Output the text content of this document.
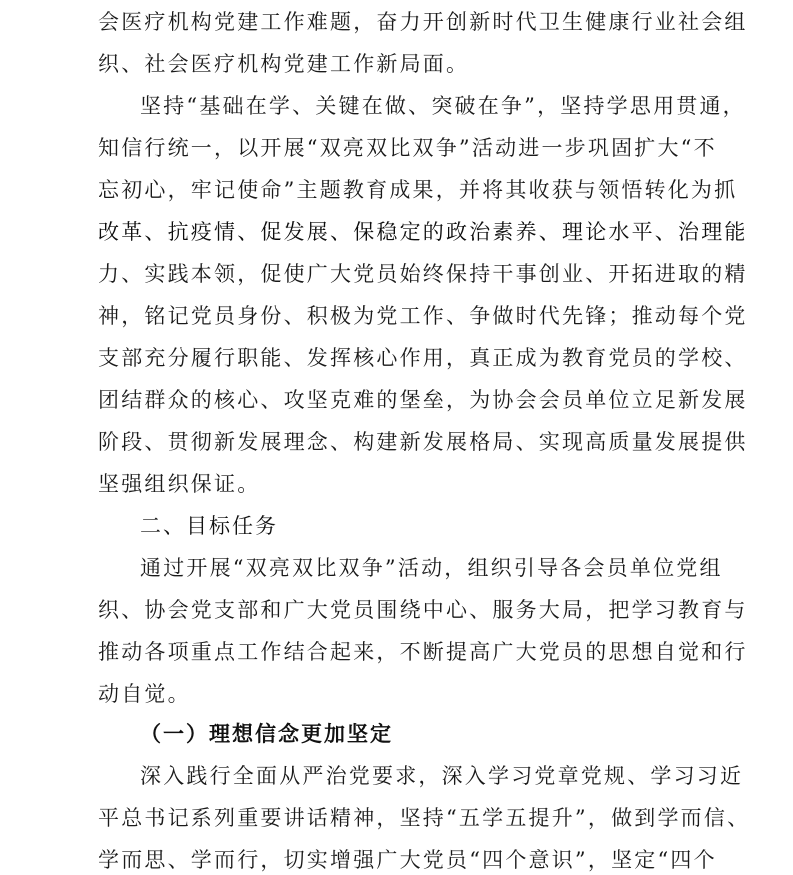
会医疗机构党建工作难题，奋力开创新时代卫生健康行业社会组
织、社会医疗机构党建工作新局面。
坚持“基础在学、关键在做、突破在争”，坚持学思用贯通，
知信行统一，以开展“双亮双比双争”活动进一步巩固扩大“不
忘初心，牢记使命”主题教育成果，并将其收获与领悟转化为抓
改革、抗疫情、促发展、保稳定的政治素养、理论水平、治理能
力、实践本领，促使广大党员始终保持干事创业、开拓进取的精
神，铭记党员身份、积极为党工作、争做时代先锋；推动每个党
支部充分履行职能、发挥核心作用，真正成为教育党员的学校、
团结群众的核心、攻坚克难的堡垒，为协会会员单位立足新发展
阶段、贯彻新发展理念、构建新发展格局、实现高质量发展提供
坚强组织保证。
二、目标任务
通过开展“双亮双比双争”活动，组织引导各会员单位党组
织、协会党支部和广大党员围绕中心、服务大局，把学习教育与
推动各项重点工作结合起来，不断提高广大党员的思想自觉和行
动自觉。
（一）理想信念更加坚定
深入践行全面从严治党要求，深入学习党章党规、学习习近
平总书记系列重要讲话精神，坚持“五学五提升”，做到学而信、
学而思、学而行，切实增强广大党员“四个意识”，坚定“四个
